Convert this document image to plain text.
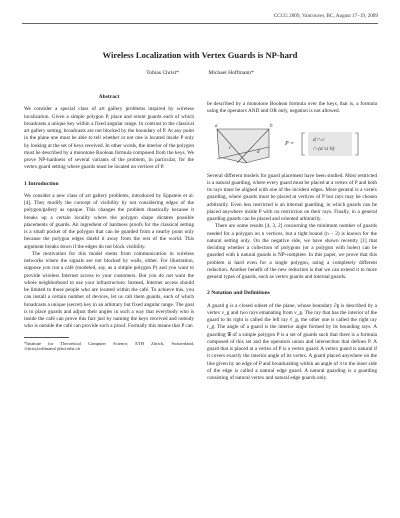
CCCG 2009, Vancouver, BC, August 17–19, 2009
Wireless Localization with Vertex Guards is NP-hard
Tobias Christ*	Michael Hoffmann*
Abstract

We consider a special class of art gallery problems inspired by wireless localization. Given a simple polygon P, place and orient guards each of which broadcasts a unique key within a fixed angular range. In contrast to the classical art gallery setting, broadcasts are not blocked by the boundary of P. At any point in the plane one must be able to tell whether or not one is located inside P only by looking at the set of keys received. In other words, the interior of the polygon must be described by a monotone Boolean formula composed from the keys. We prove NP-hardness of several variants of the problem, in particular, for the vertex guard setting where guards must be located on vertices of P.

1 Introduction

We consider a new class of art gallery problems, introduced by Eppstein et al. [4]. They modify the concept of visibility by not considering edges of the polygon/gallery as opaque. This changes the problem drastically because it breaks up a certain locality where the polygon shape dictates possible placements of guards. An ingredient of hardness proofs for the classical setting is a small pocket of the polygon that can be guarded from a nearby point only because the polygon edges shield it away from the rest of the world. This argument breaks down if the edges do not block visibility.

The motivation for this model stems from communication in wireless networks where the signals are not blocked by walls, either. For illustration, suppose you run a café (modeled, say, as a simple polygon P) and you want to provide wireless Internet access to your customers. But you do not want the whole neighborhood to use your infrastructure. Instead, Internet access should be limited to those people who are located within the café. To achieve this, you can install a certain number of devices, let us call them guards, each of which broadcasts a unique (secret) key in an arbitrary but fixed angular range. The goal is to place guards and adjust their angles in such a way that everybody who is inside the café can prove this fact just by naming the keys received and nobody who is outside the café can provide such a proof. Formally this means that P can

*Institute for Theoretical Computer Science, ETH Zürich, Switzerland, {christ,hoffmann}@inf.ethz.ch

be described by a monotone Boolean formula over the keys, that is, a formula using the operators AND and OR only, negation is not allowed.

a	b
c
d
P =
d ∩ c
∩ (a ∪ b)

Several different models for guard placement have been studied. Most restricted is a natural guarding, where every guard must be placed at a vertex of P and both its rays must be aligned with one of the incident edges. More general is a vertex guarding, where guards must be placed at vertices of P but rays may be chosen arbitrarily. Even less restricted is an internal guarding, in which guards can be placed anywhere inside P with no restriction on their rays. Finally, in a general guarding guards can be placed and oriented arbitrarily.

There are some results [4, 3, 2] concerning the minimum number of guards needed for a polygon on n vertices, but a tight bound (n − 2) is known for the natural setting only. On the negative side, we have shown recently [1] that deciding whether a collection of polygons (or a polygon with holes) can be guarded with k natural guards is NP-complete. In this paper, we prove that this problem is hard even for a single polygon, using a completely different reduction. Another benefit of the new reduction is that we can extend it to more general types of guards, such as vertex guards and internal guards.

2 Notation and Definitions

A guard g is a closed subset of the plane, whose boundary ∂g is described by a vertex v_g and two rays emanating from v_g. The ray that has the interior of the guard to its right is called the left ray ℓ_g, the other one is called the right ray r_g. The angle of a guard is the interior angle formed by its bounding rays. A guarding 𝒢 of a simple polygon P is a set of guards such that there is a formula composed of this set and the operators union and intersection that defines P. A guard that is placed at a vertex of P is a vertex guard. A vertex guard is natural if it covers exactly the interior angle of its vertex. A guard placed anywhere on the line given by an edge of P and broadcasting within an angle of π to the inner side of the edge is called a natural edge guard. A natural guarding is a guarding consisting of natural vertex and natural edge guards only.
